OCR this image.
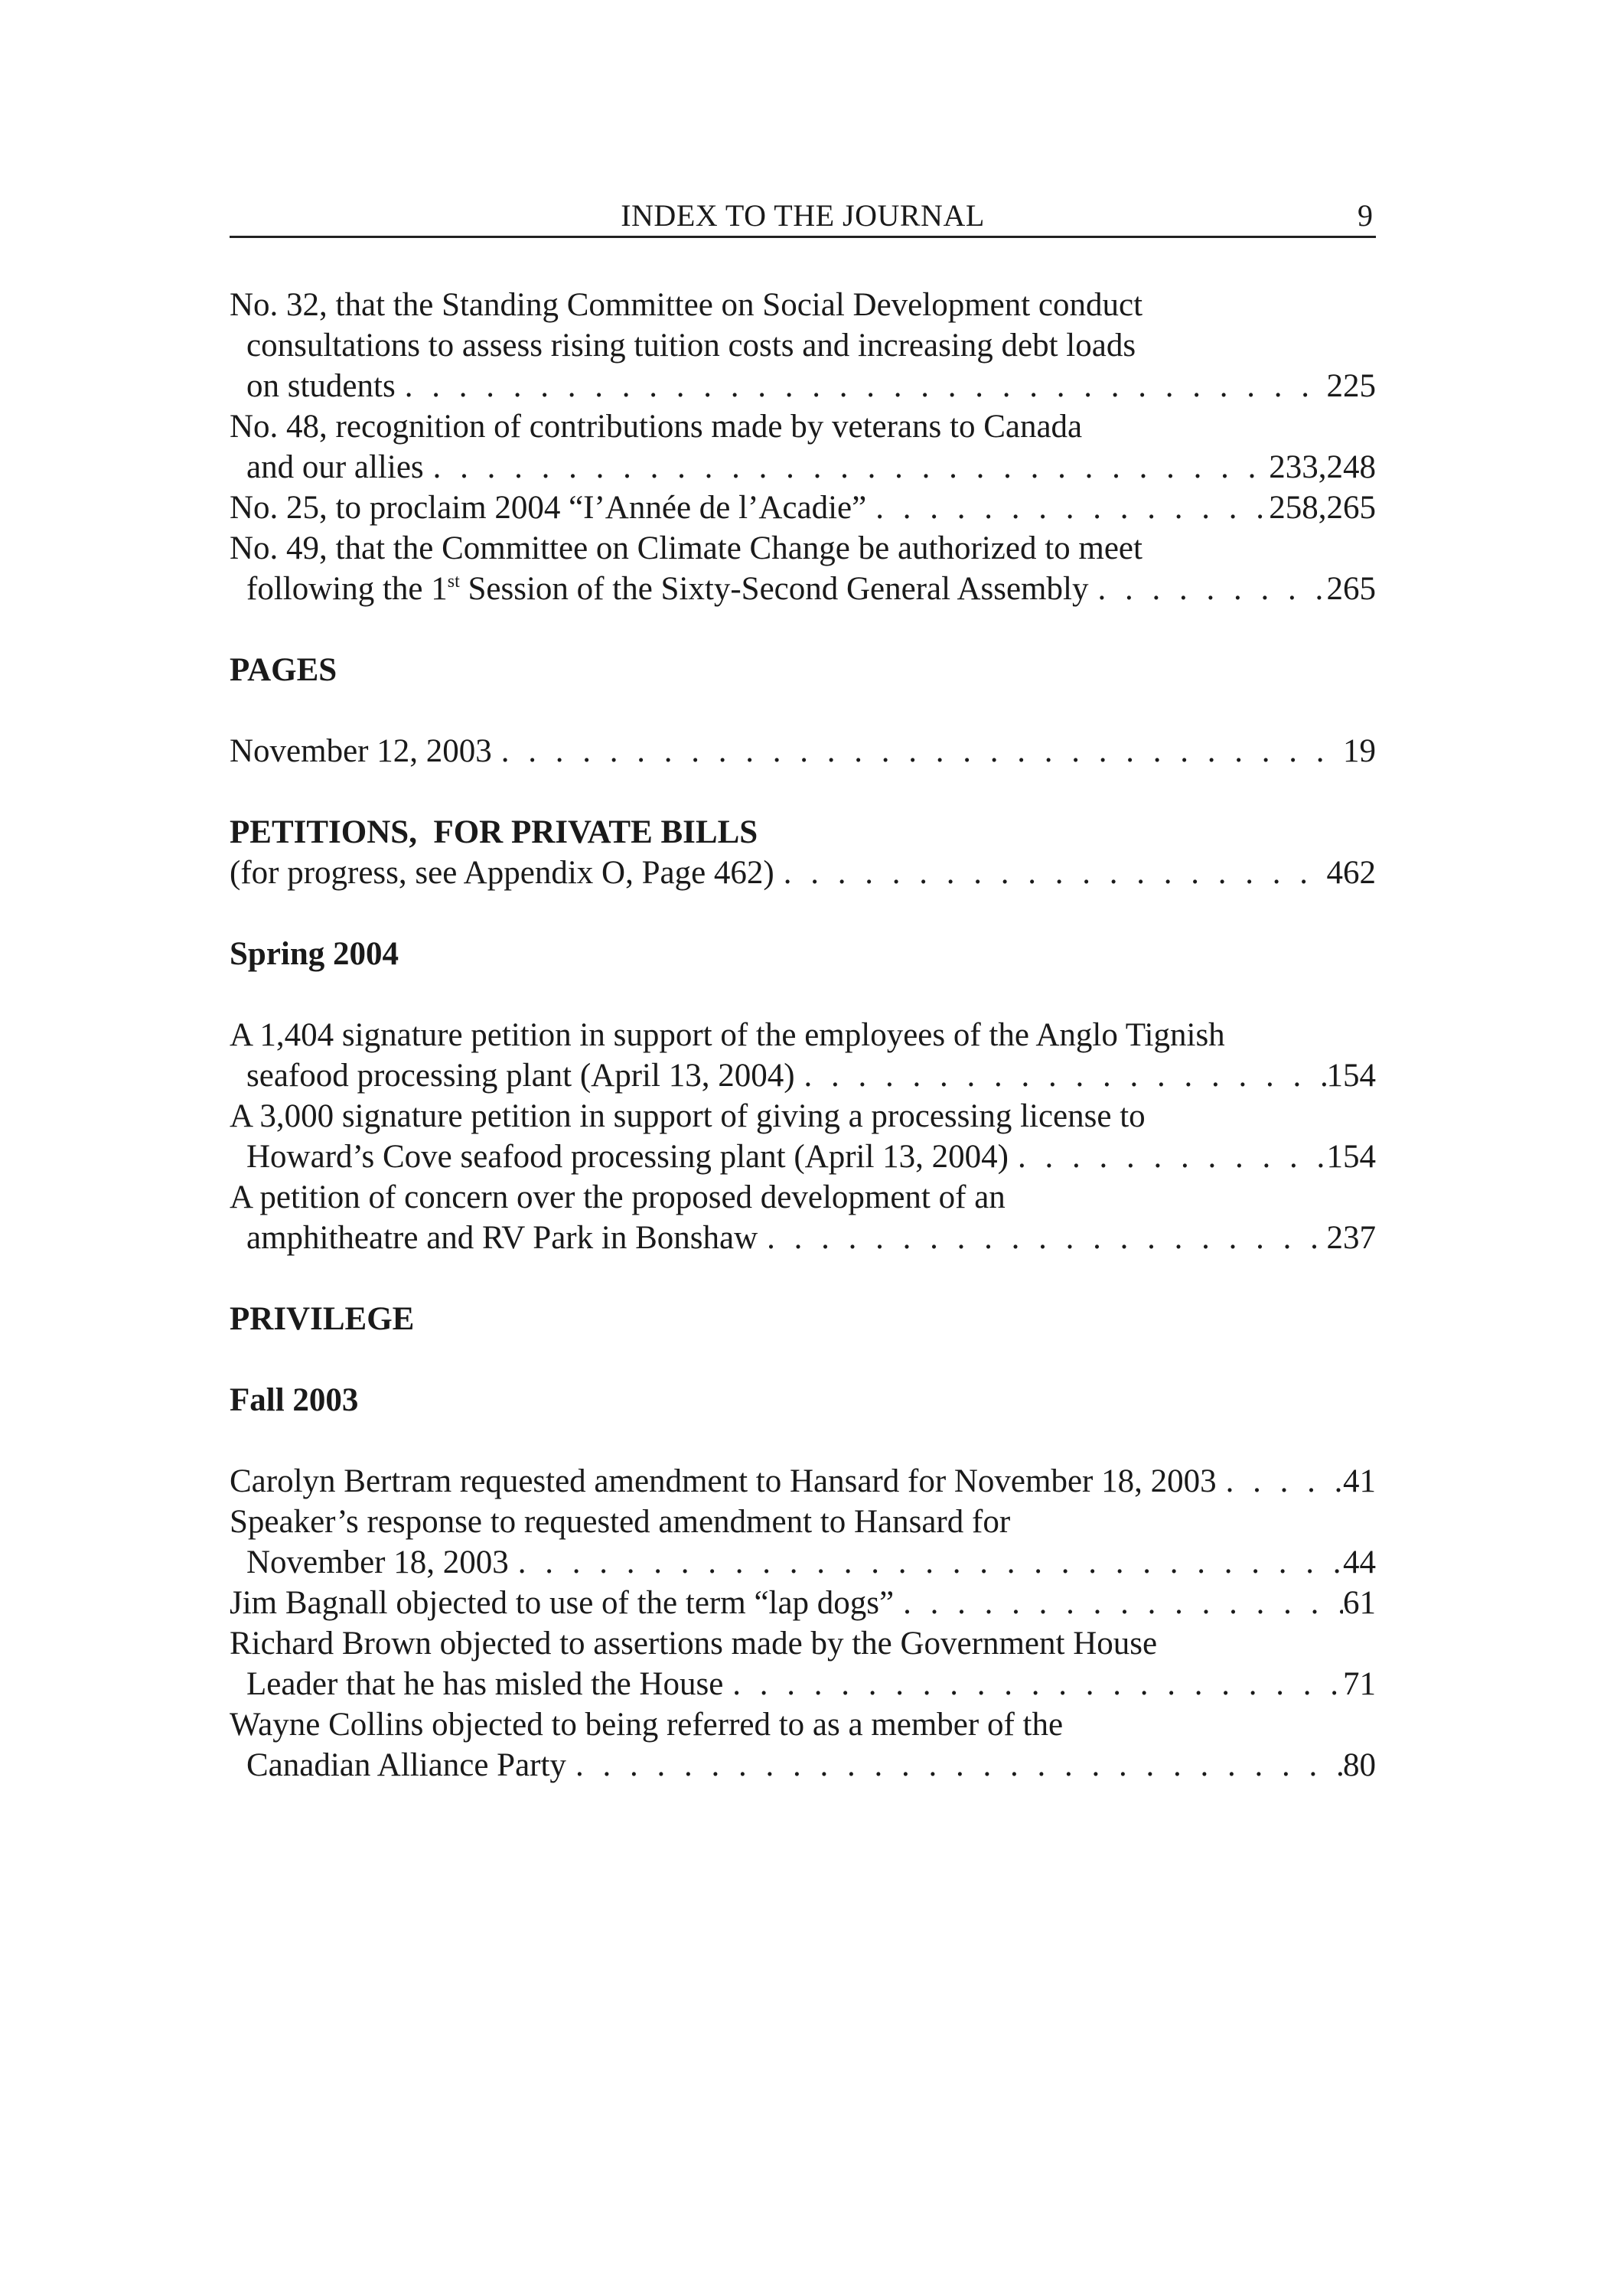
INDEX TO THE JOURNAL	9
No. 32, that the Standing Committee on Social Development conduct
consultations to assess rising tuition costs and increasing debt loads
on students . . .	225
No. 48, recognition of contributions made by veterans to Canada
and our allies . . .	233,248
No. 25, to proclaim 2004 “I’Année de l’Acadie” . . .	258,265
No. 49, that the Committee on Climate Change be authorized to meet
following the 1st Session of the Sixty-Second General Assembly . . .	265
PAGES
November 12, 2003 . . .	19
PETITIONS,  FOR PRIVATE BILLS
(for progress, see Appendix O, Page 462) . . .	462
Spring 2004
A 1,404 signature petition in support of the employees of the Anglo Tignish
seafood processing plant (April 13, 2004) . . .	154
A 3,000 signature petition in support of giving a processing license to
Howard’s Cove seafood processing plant (April 13, 2004) . . .	154
A petition of concern over the proposed development of an
amphitheatre and RV Park in Bonshaw . . .	237
PRIVILEGE
Fall 2003
Carolyn Bertram requested amendment to Hansard for November 18, 2003 . . .	41
Speaker’s response to requested amendment to Hansard for
November 18, 2003 . . .	44
Jim Bagnall objected to use of the term “lap dogs” . . .	61
Richard Brown objected to assertions made by the Government House
Leader that he has misled the House . . .	71
Wayne Collins objected to being referred to as a member of the
Canadian Alliance Party . . .	80
